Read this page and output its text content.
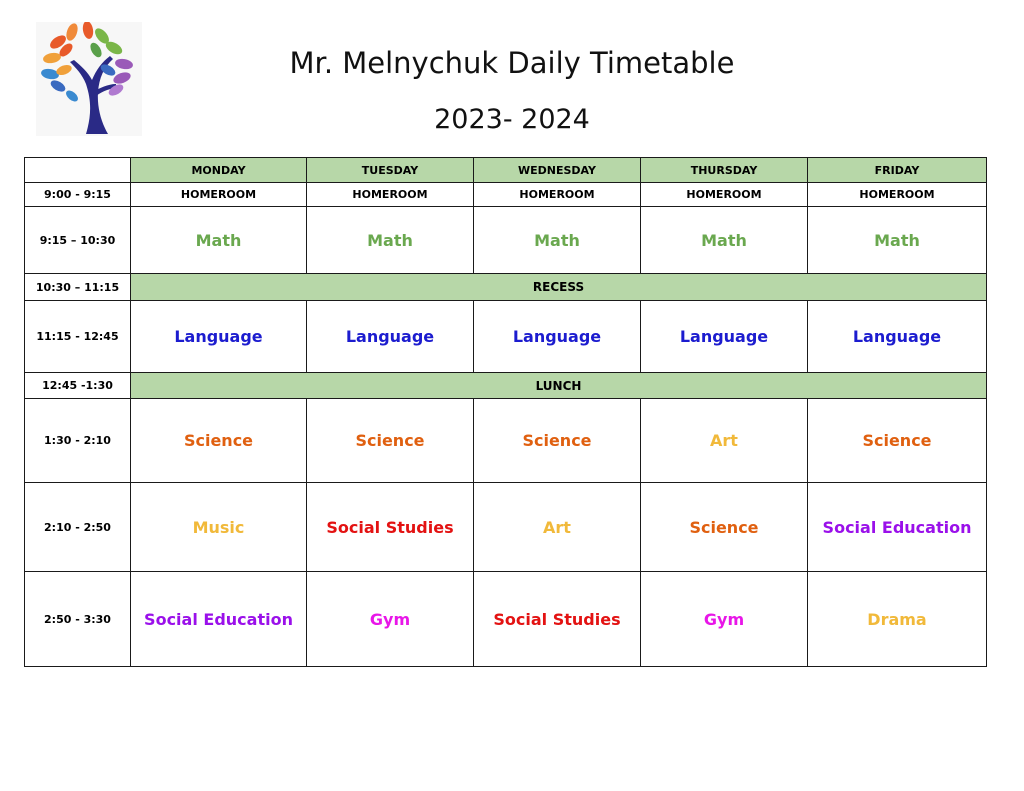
Mr. Melnychuk Daily Timetable
2023- 2024
	MONDAY	TUESDAY	WEDNESDAY	THURSDAY	FRIDAY
9:00 - 9:15	HOMEROOM	HOMEROOM	HOMEROOM	HOMEROOM	HOMEROOM
9:15 – 10:30	Math	Math	Math	Math	Math
10:30 – 11:15	RECESS				
11:15 - 12:45	Language	Language	Language	Language	Language
12:45 -1:30	LUNCH				
1:30 - 2:10	Science	Science	Science	Art	Science
2:10 - 2:50	Music	Social Studies	Art	Science	Social Education
2:50 - 3:30	Social Education	Gym	Social Studies	Gym	Drama
